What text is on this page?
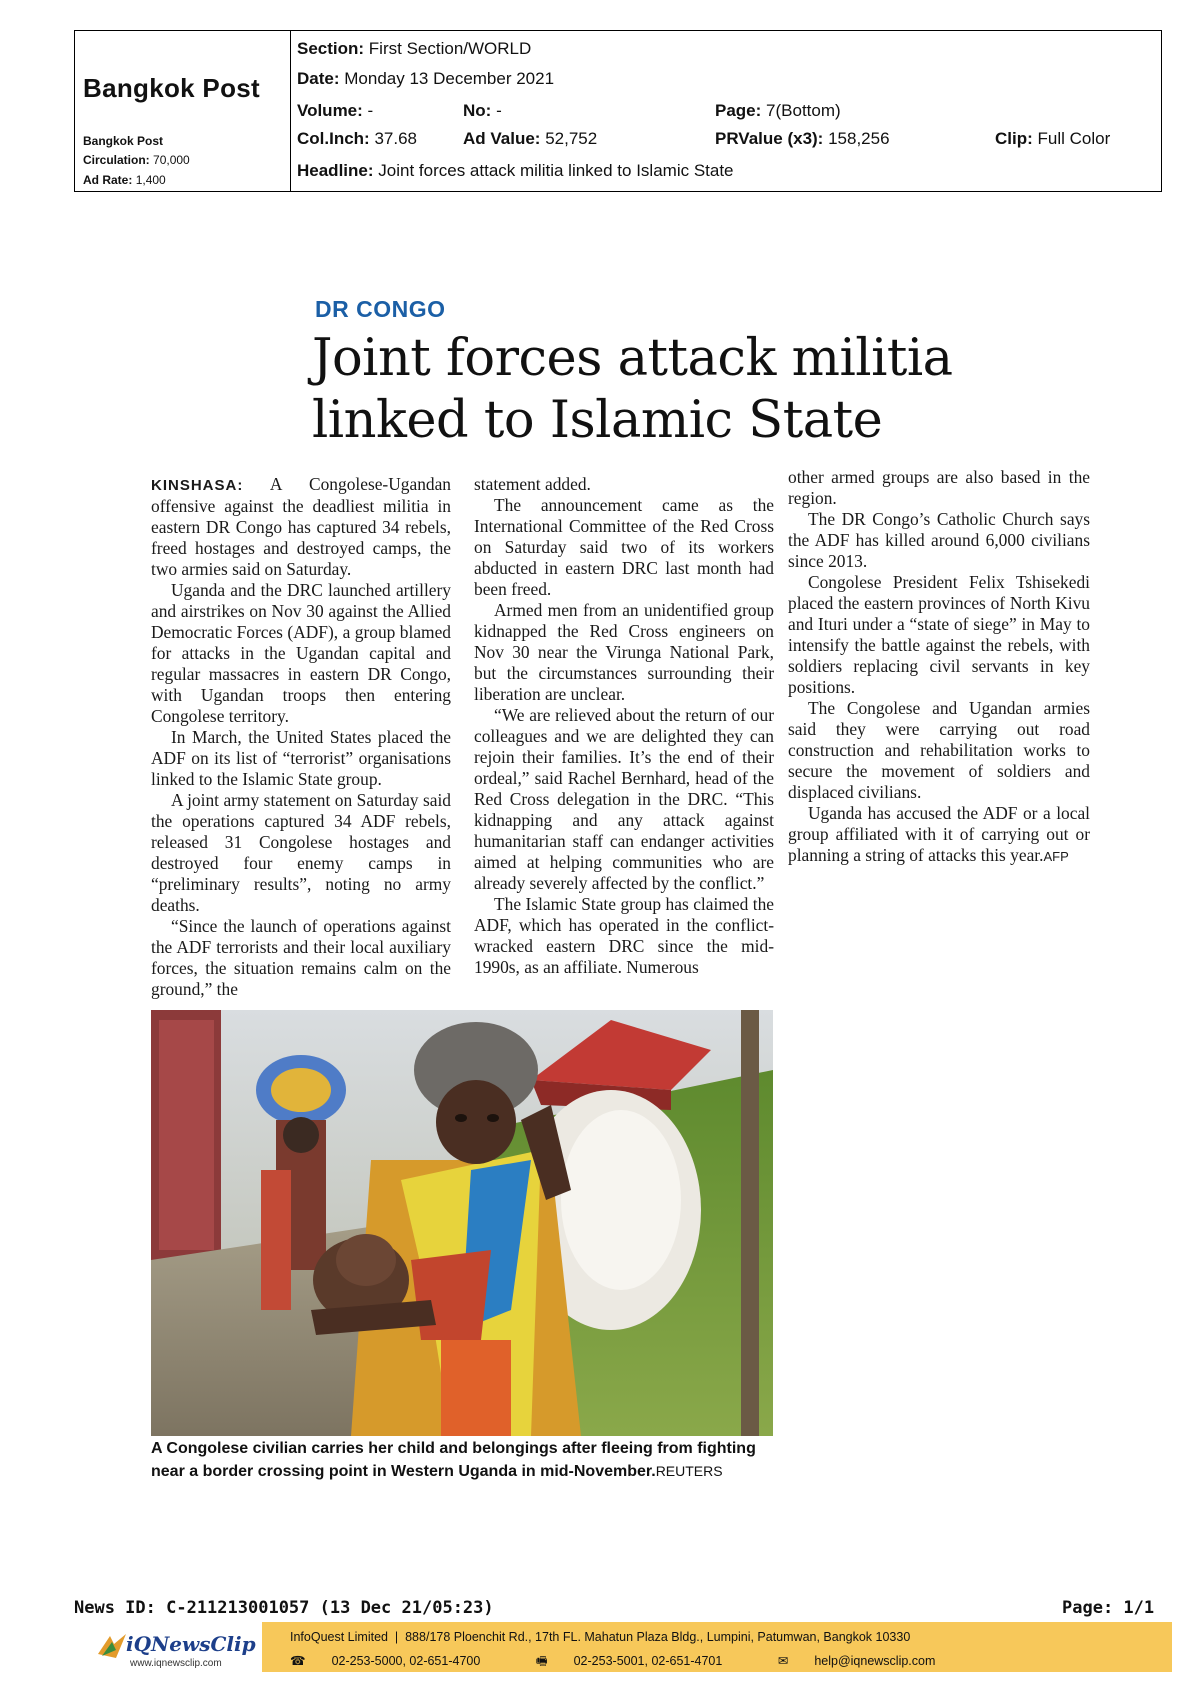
Bangkok Post
Bangkok Post
Circulation: 70,000
Ad Rate: 1,400
Section: First Section/WORLD
Date: Monday 13 December 2021
Volume: -	No: -	Page: 7(Bottom)
Col.Inch: 37.68	Ad Value: 52,752	PRValue (x3): 158,256	Clip: Full Color
Headline: Joint forces attack militia linked to Islamic State
DR CONGO
Joint forces attack militia
linked to Islamic State

KINSHASA: A Congolese-Ugandan offensive against the deadliest militia in eastern DR Congo has captured 34 rebels, freed hostages and destroyed camps, the two armies said on Saturday.

Uganda and the DRC launched artillery and airstrikes on Nov 30 against the Allied Democratic Forces (ADF), a group blamed for attacks in the Ugandan capital and regular massacres in eastern DR Congo, with Ugandan troops then entering Congolese territory.

In March, the United States placed the ADF on its list of “terrorist” organisations linked to the Islamic State group.

A joint army statement on Saturday said the operations captured 34 ADF rebels, released 31 Congolese hostages and destroyed four enemy camps in “preliminary results”, noting no army deaths.

“Since the launch of operations against the ADF terrorists and their local auxiliary forces, the situation remains calm on the ground,” the

statement added.

The announcement came as the International Committee of the Red Cross on Saturday said two of its workers abducted in eastern DRC last month had been freed.

Armed men from an unidentified group kidnapped the Red Cross engineers on Nov 30 near the Virunga National Park, but the circumstances surrounding their liberation are unclear.

“We are relieved about the return of our colleagues and we are delighted they can rejoin their families. It’s the end of their ordeal,” said Rachel Bernhard, head of the Red Cross delegation in the DRC. “This kidnapping and any attack against humanitarian staff can endanger activities aimed at helping communities who are already severely affected by the conflict.”

The Islamic State group has claimed the ADF, which has operated in the conflict-wracked eastern DRC since the mid-1990s, as an affiliate. Numerous

other armed groups are also based in the region.

The DR Congo’s Catholic Church says the ADF has killed around 6,000 civilians since 2013.

Congolese President Felix Tshisekedi placed the eastern provinces of North Kivu and Ituri under a “state of siege” in May to intensify the battle against the rebels, with soldiers replacing civil servants in key positions.

The Congolese and Ugandan armies said they were carrying out road construction and rehabilitation works to secure the movement of soldiers and displaced civilians.

Uganda has accused the ADF or a local group affiliated with it of carrying out or planning a string of attacks this year.AFP

A Congolese civilian carries her child and belongings after fleeing from fighting near a border crossing point in Western Uganda in mid-November.REUTERS
News ID: C-211213001057 (13 Dec 21/05:23)	Page: 1/1
iQNewsClip
www.iqnewsclip.com
InfoQuest Limited  |  888/178 Ploenchit Rd., 17th FL. Mahatun Plaza Bldg., Lumpini, Patumwan, Bangkok 10330
☎ 02-253-5000, 02-651-4700	🖷 02-253-5001, 02-651-4701	✉ help@iqnewsclip.com
